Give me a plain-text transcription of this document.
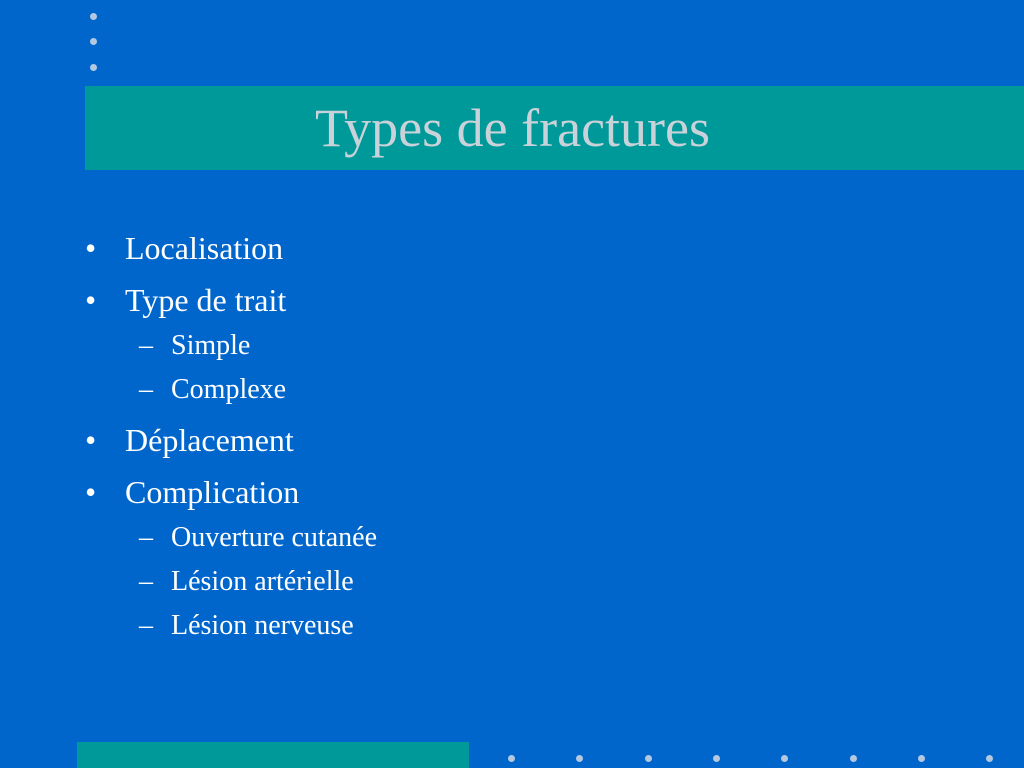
Types de fractures
• Localisation
• Type de trait
– Simple
– Complexe
• Déplacement
• Complication
– Ouverture cutanée
– Lésion artérielle
– Lésion nerveuse
